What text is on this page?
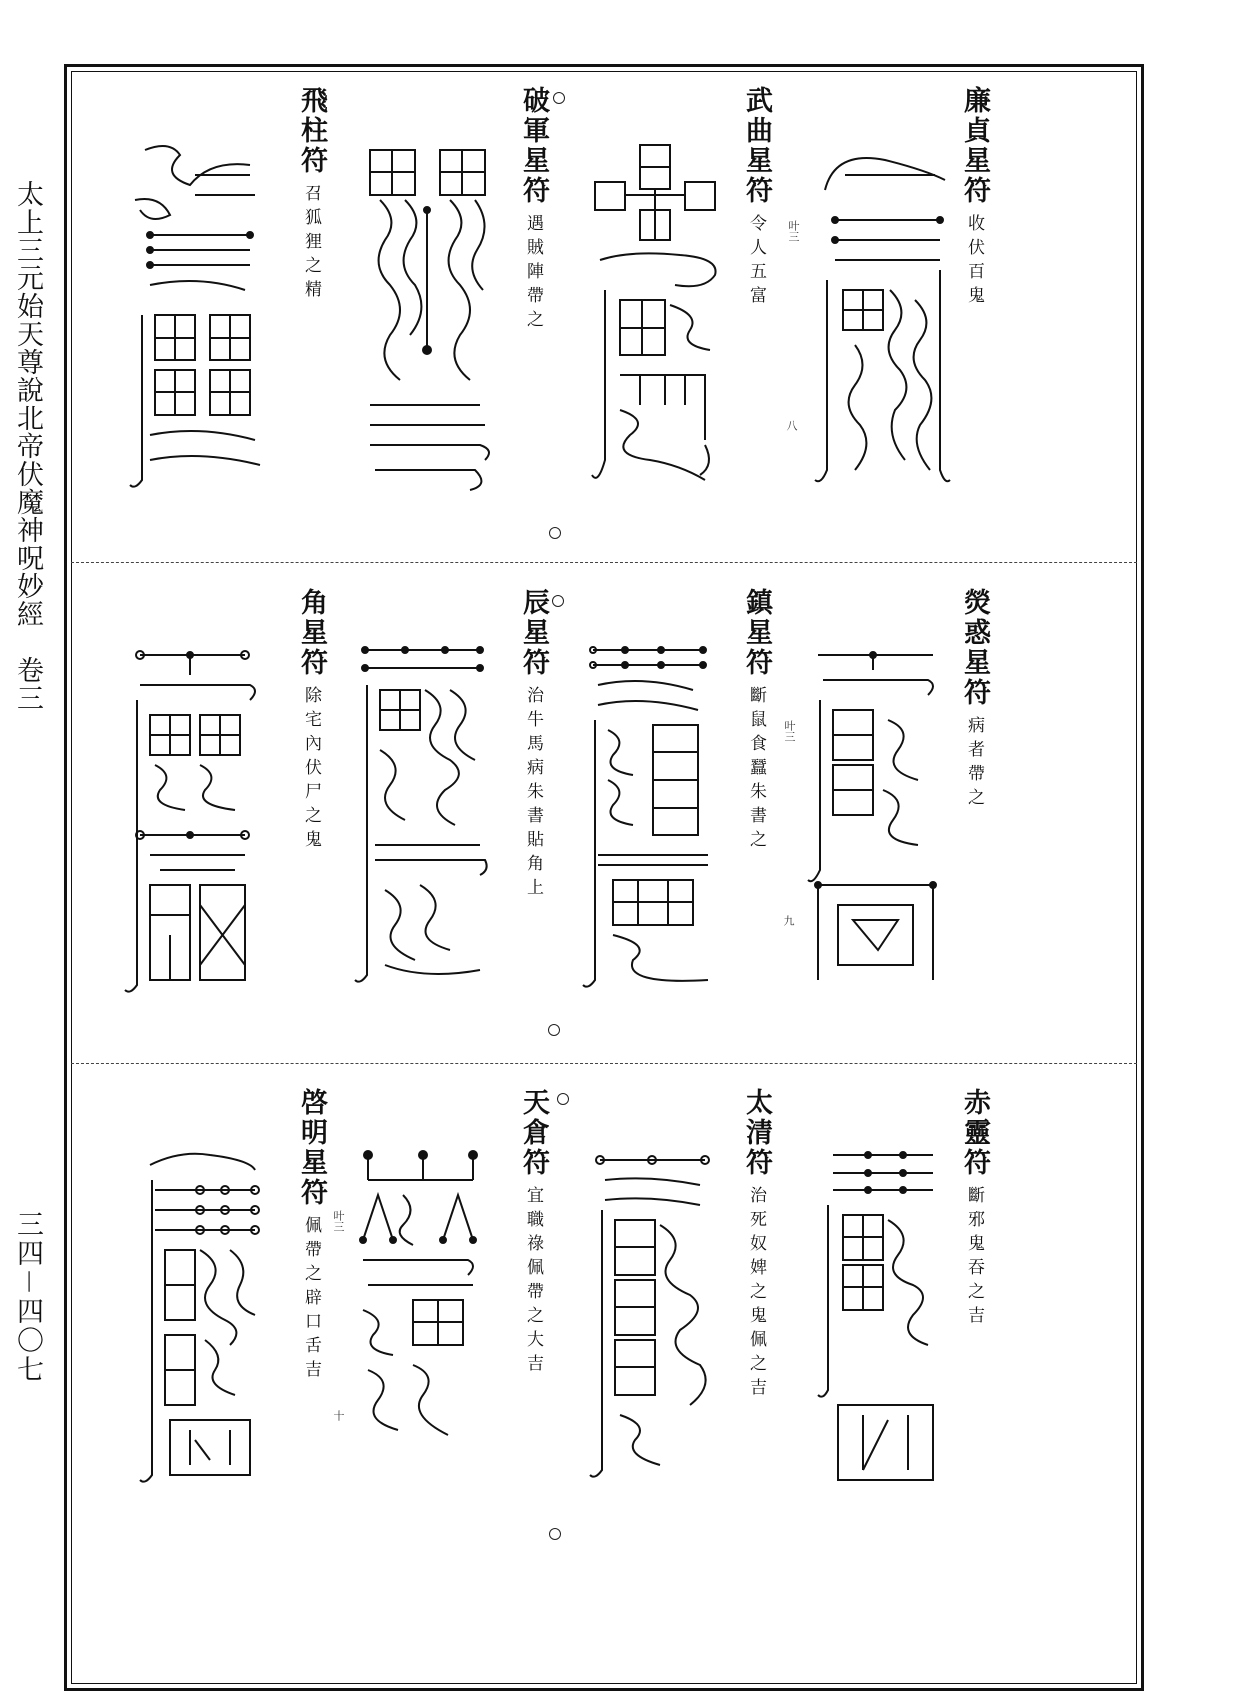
太上三元始天尊說北帝伏魔神呪妙經　卷三
三四－四〇七
廉貞星符收伏百鬼
武曲星符令人五富	叶三
八
破軍星符遇賊陣帶之
飛柱符召狐狸之精
熒惑星符病者帶之
鎮星符斷鼠食蠶朱書之	叶三
九
辰星符治牛馬病朱書貼角上
角星符除宅內伏尸之鬼
赤靈符斷邪鬼吞之吉
太清符治死奴婢之鬼佩之吉
天倉符宜職祿佩帶之大吉
啓明星符佩帶之辟口舌吉	叶三
十
